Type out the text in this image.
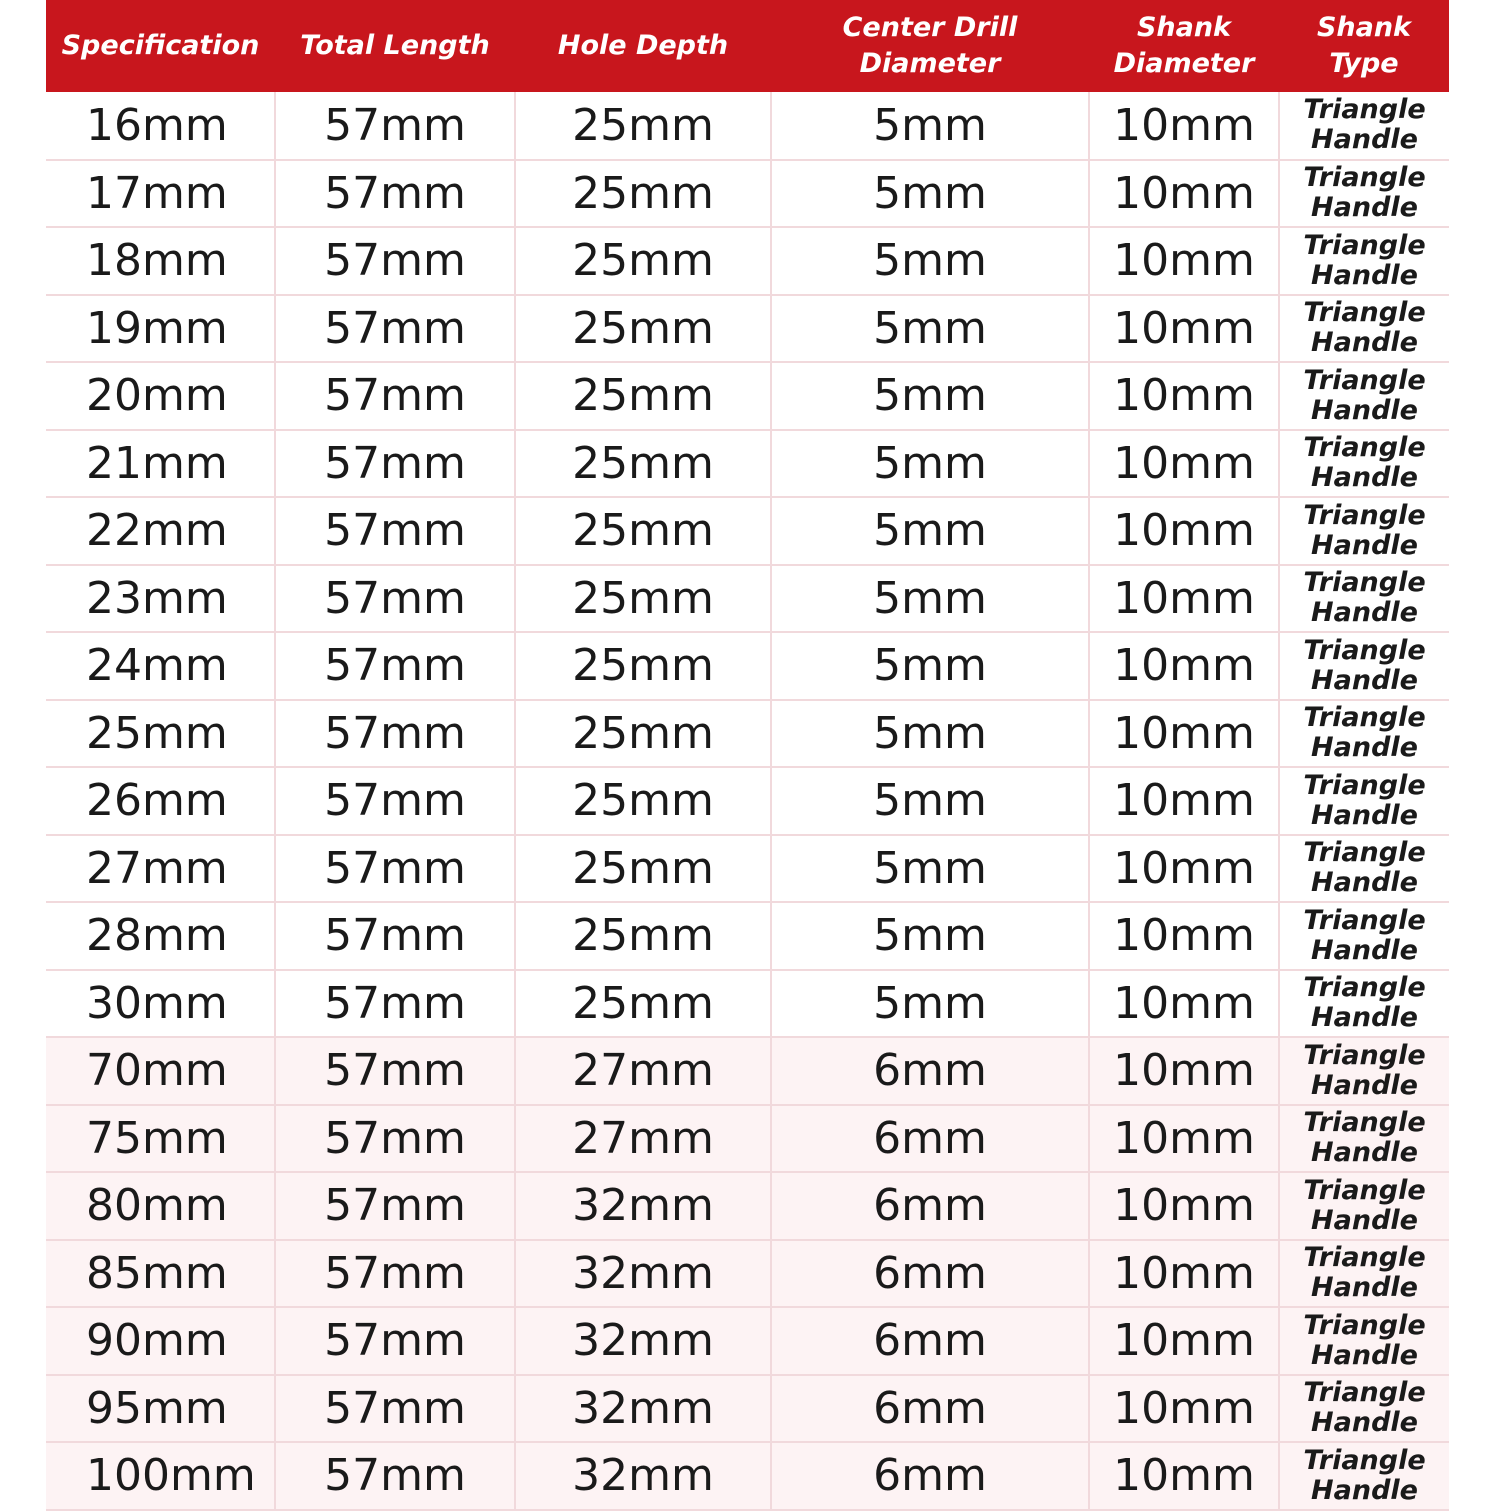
Specification	Total Length	Hole Depth	Center Drill Diameter	Shank Diameter	Shank Type
16mm	57mm	25mm	5mm	10mm	Triangle Handle
17mm	57mm	25mm	5mm	10mm	Triangle Handle
18mm	57mm	25mm	5mm	10mm	Triangle Handle
19mm	57mm	25mm	5mm	10mm	Triangle Handle
20mm	57mm	25mm	5mm	10mm	Triangle Handle
21mm	57mm	25mm	5mm	10mm	Triangle Handle
22mm	57mm	25mm	5mm	10mm	Triangle Handle
23mm	57mm	25mm	5mm	10mm	Triangle Handle
24mm	57mm	25mm	5mm	10mm	Triangle Handle
25mm	57mm	25mm	5mm	10mm	Triangle Handle
26mm	57mm	25mm	5mm	10mm	Triangle Handle
27mm	57mm	25mm	5mm	10mm	Triangle Handle
28mm	57mm	25mm	5mm	10mm	Triangle Handle
30mm	57mm	25mm	5mm	10mm	Triangle Handle
70mm	57mm	27mm	6mm	10mm	Triangle Handle
75mm	57mm	27mm	6mm	10mm	Triangle Handle
80mm	57mm	32mm	6mm	10mm	Triangle Handle
85mm	57mm	32mm	6mm	10mm	Triangle Handle
90mm	57mm	32mm	6mm	10mm	Triangle Handle
95mm	57mm	32mm	6mm	10mm	Triangle Handle
100mm	57mm	32mm	6mm	10mm	Triangle Handle
